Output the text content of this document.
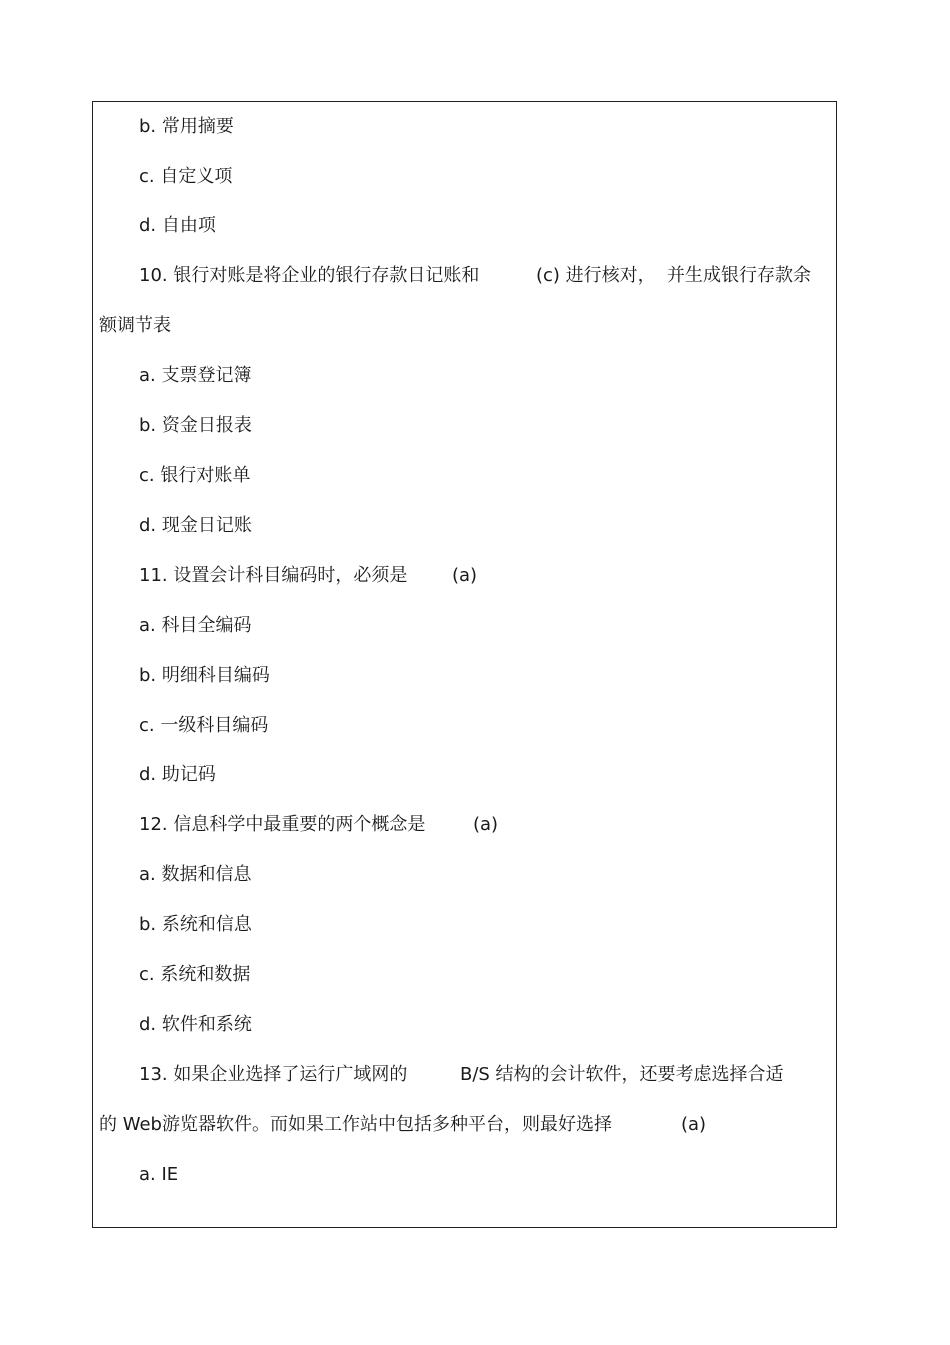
b. 常用摘要
c. 自定义项
d. 自由项
10. 银行对账是将企业的银行存款日记账和	(c) 进行核对， 并生成银行存款余
额调节表
a. 支票登记簿
b. 资金日报表
c. 银行对账单
d. 现金日记账
11. 设置会计科目编码时，必须是 (a)
a. 科目全编码
b. 明细科目编码
c. 一级科目编码
d. 助记码
12. 信息科学中最重要的两个概念是	(a)
a. 数据和信息
b. 系统和信息
c. 系统和数据
d. 软件和系统
13. 如果企业选择了运行广域网的	B/S 结构的会计软件，还要考虑选择合适
的 Web游览器软件。而如果工作站中包括多种平台，则最好选择	(a)
a. IE
